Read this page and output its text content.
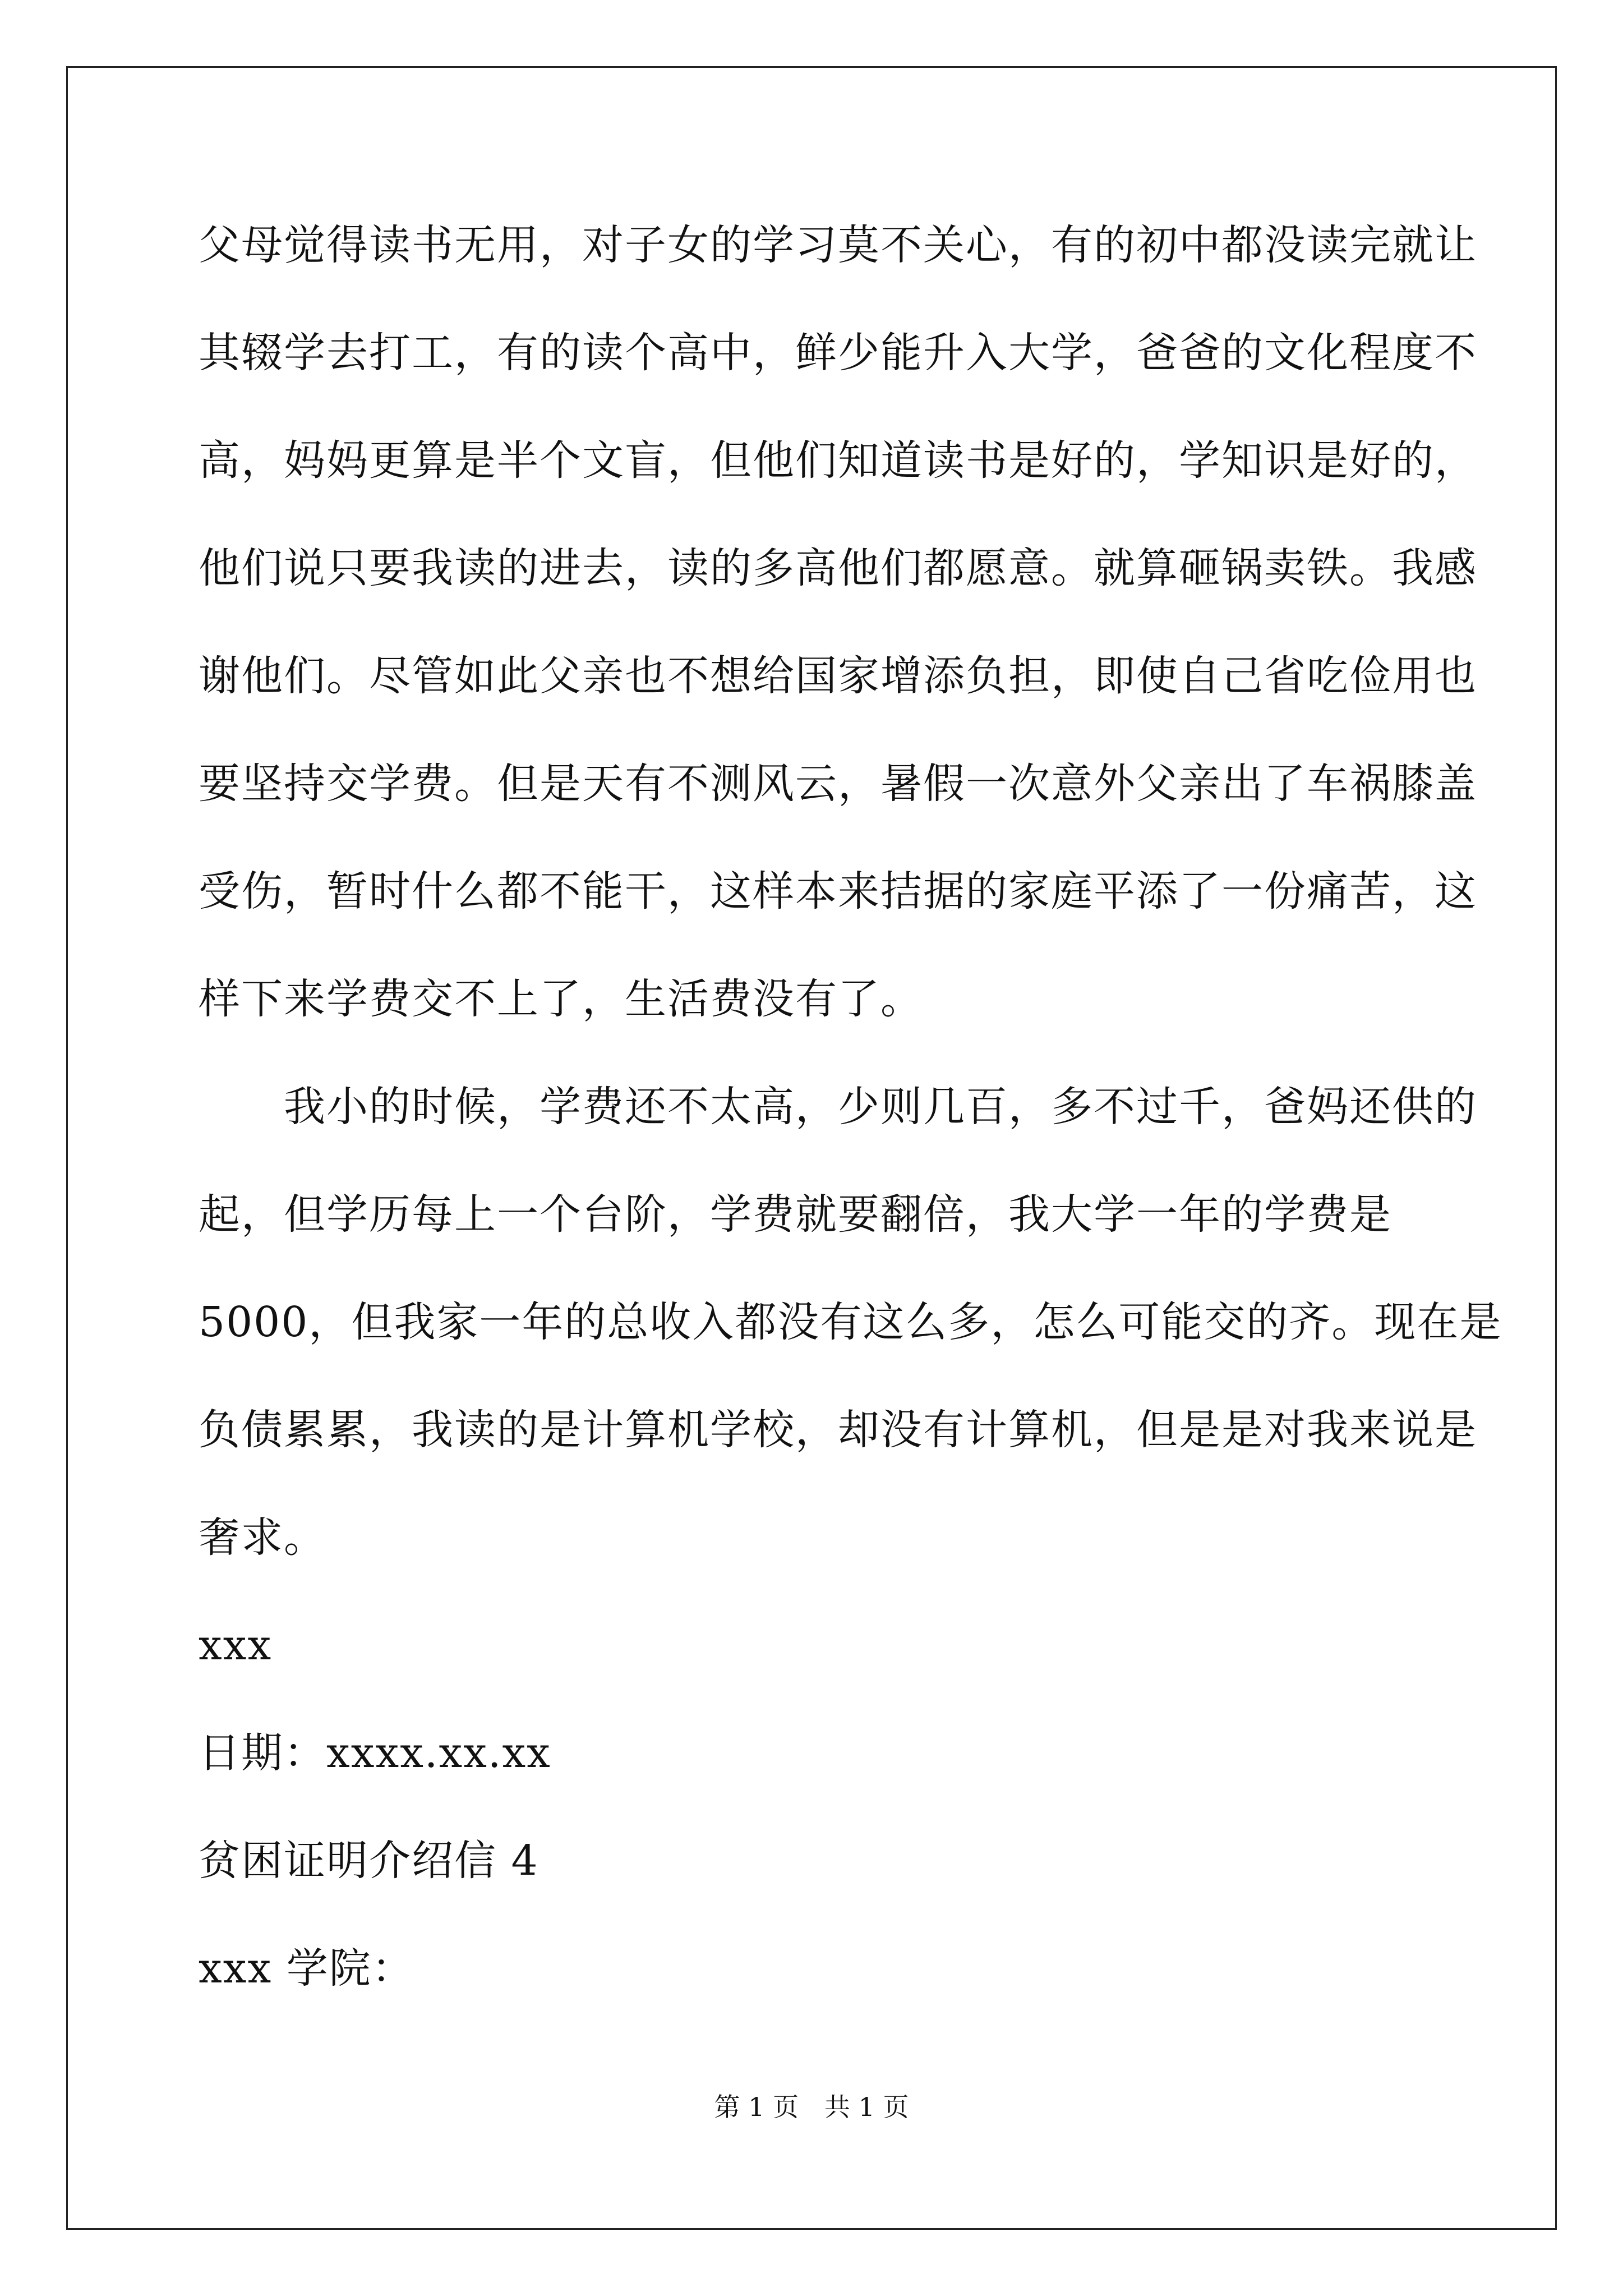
父母觉得读书无用，对子女的学习莫不关心，有的初中都没读完就让
其辍学去打工，有的读个高中，鲜少能升入大学，爸爸的文化程度不
高，妈妈更算是半个文盲，但他们知道读书是好的，学知识是好的，
他们说只要我读的进去，读的多高他们都愿意。就算砸锅卖铁。我感
谢他们。尽管如此父亲也不想给国家增添负担，即使自己省吃俭用也
要坚持交学费。但是天有不测风云，暑假一次意外父亲出了车祸膝盖
受伤，暂时什么都不能干，这样本来拮据的家庭平添了一份痛苦，这
样下来学费交不上了，生活费没有了。
　　我小的时候，学费还不太高，少则几百，多不过千，爸妈还供的
起，但学历每上一个台阶，学费就要翻倍，我大学一年的学费是
5000，但我家一年的总收入都没有这么多，怎么可能交的齐。现在是
负债累累，我读的是计算机学校，却没有计算机，但是是对我来说是
奢求。
xxx
日期：xxxx.xx.xx
贫困证明介绍信 4
xxx 学院：
第 1 页　共 1 页
